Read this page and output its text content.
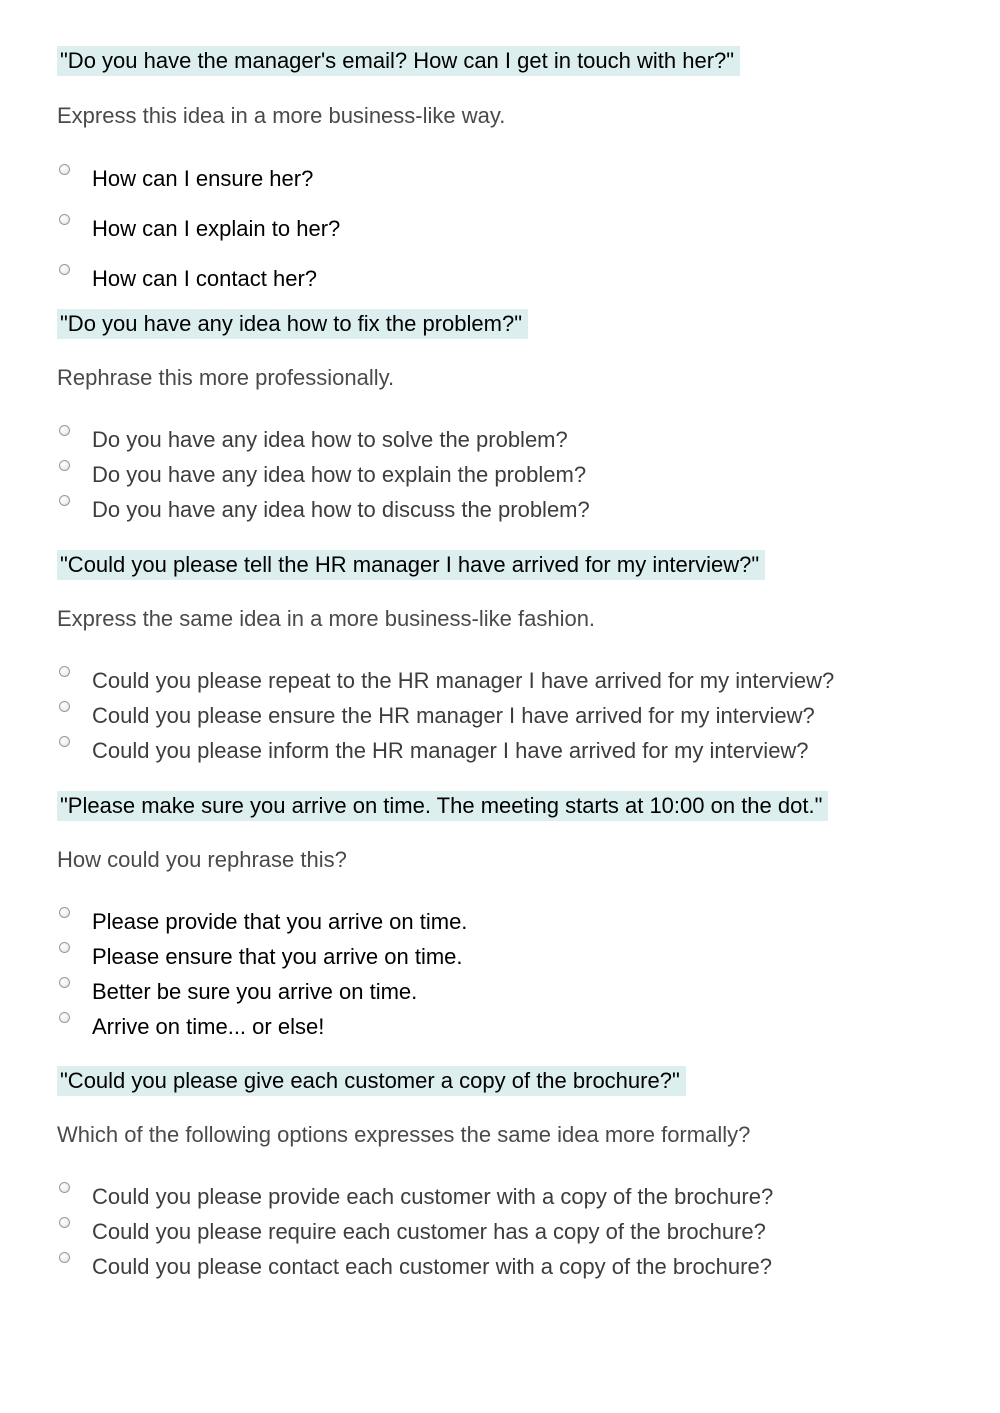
"Do you have the manager's email? How can I get in touch with her?"
Express this idea in a more business-like way.
How can I ensure her?
How can I explain to her?
How can I contact her?
"Do you have any idea how to fix the problem?"
Rephrase this more professionally.
Do you have any idea how to solve the problem?
Do you have any idea how to explain the problem?
Do you have any idea how to discuss the problem?
"Could you please tell the HR manager I have arrived for my interview?"
Express the same idea in a more business-like fashion.
Could you please repeat to the HR manager I have arrived for my interview?
Could you please ensure the HR manager I have arrived for my interview?
Could you please inform the HR manager I have arrived for my interview?
"Please make sure you arrive on time. The meeting starts at 10:00 on the dot."
How could you rephrase this?
Please provide that you arrive on time.
Please ensure that you arrive on time.
Better be sure you arrive on time.
Arrive on time... or else!
"Could you please give each customer a copy of the brochure?"
Which of the following options expresses the same idea more formally?
Could you please provide each customer with a copy of the brochure?
Could you please require each customer has a copy of the brochure?
Could you please contact each customer with a copy of the brochure?
